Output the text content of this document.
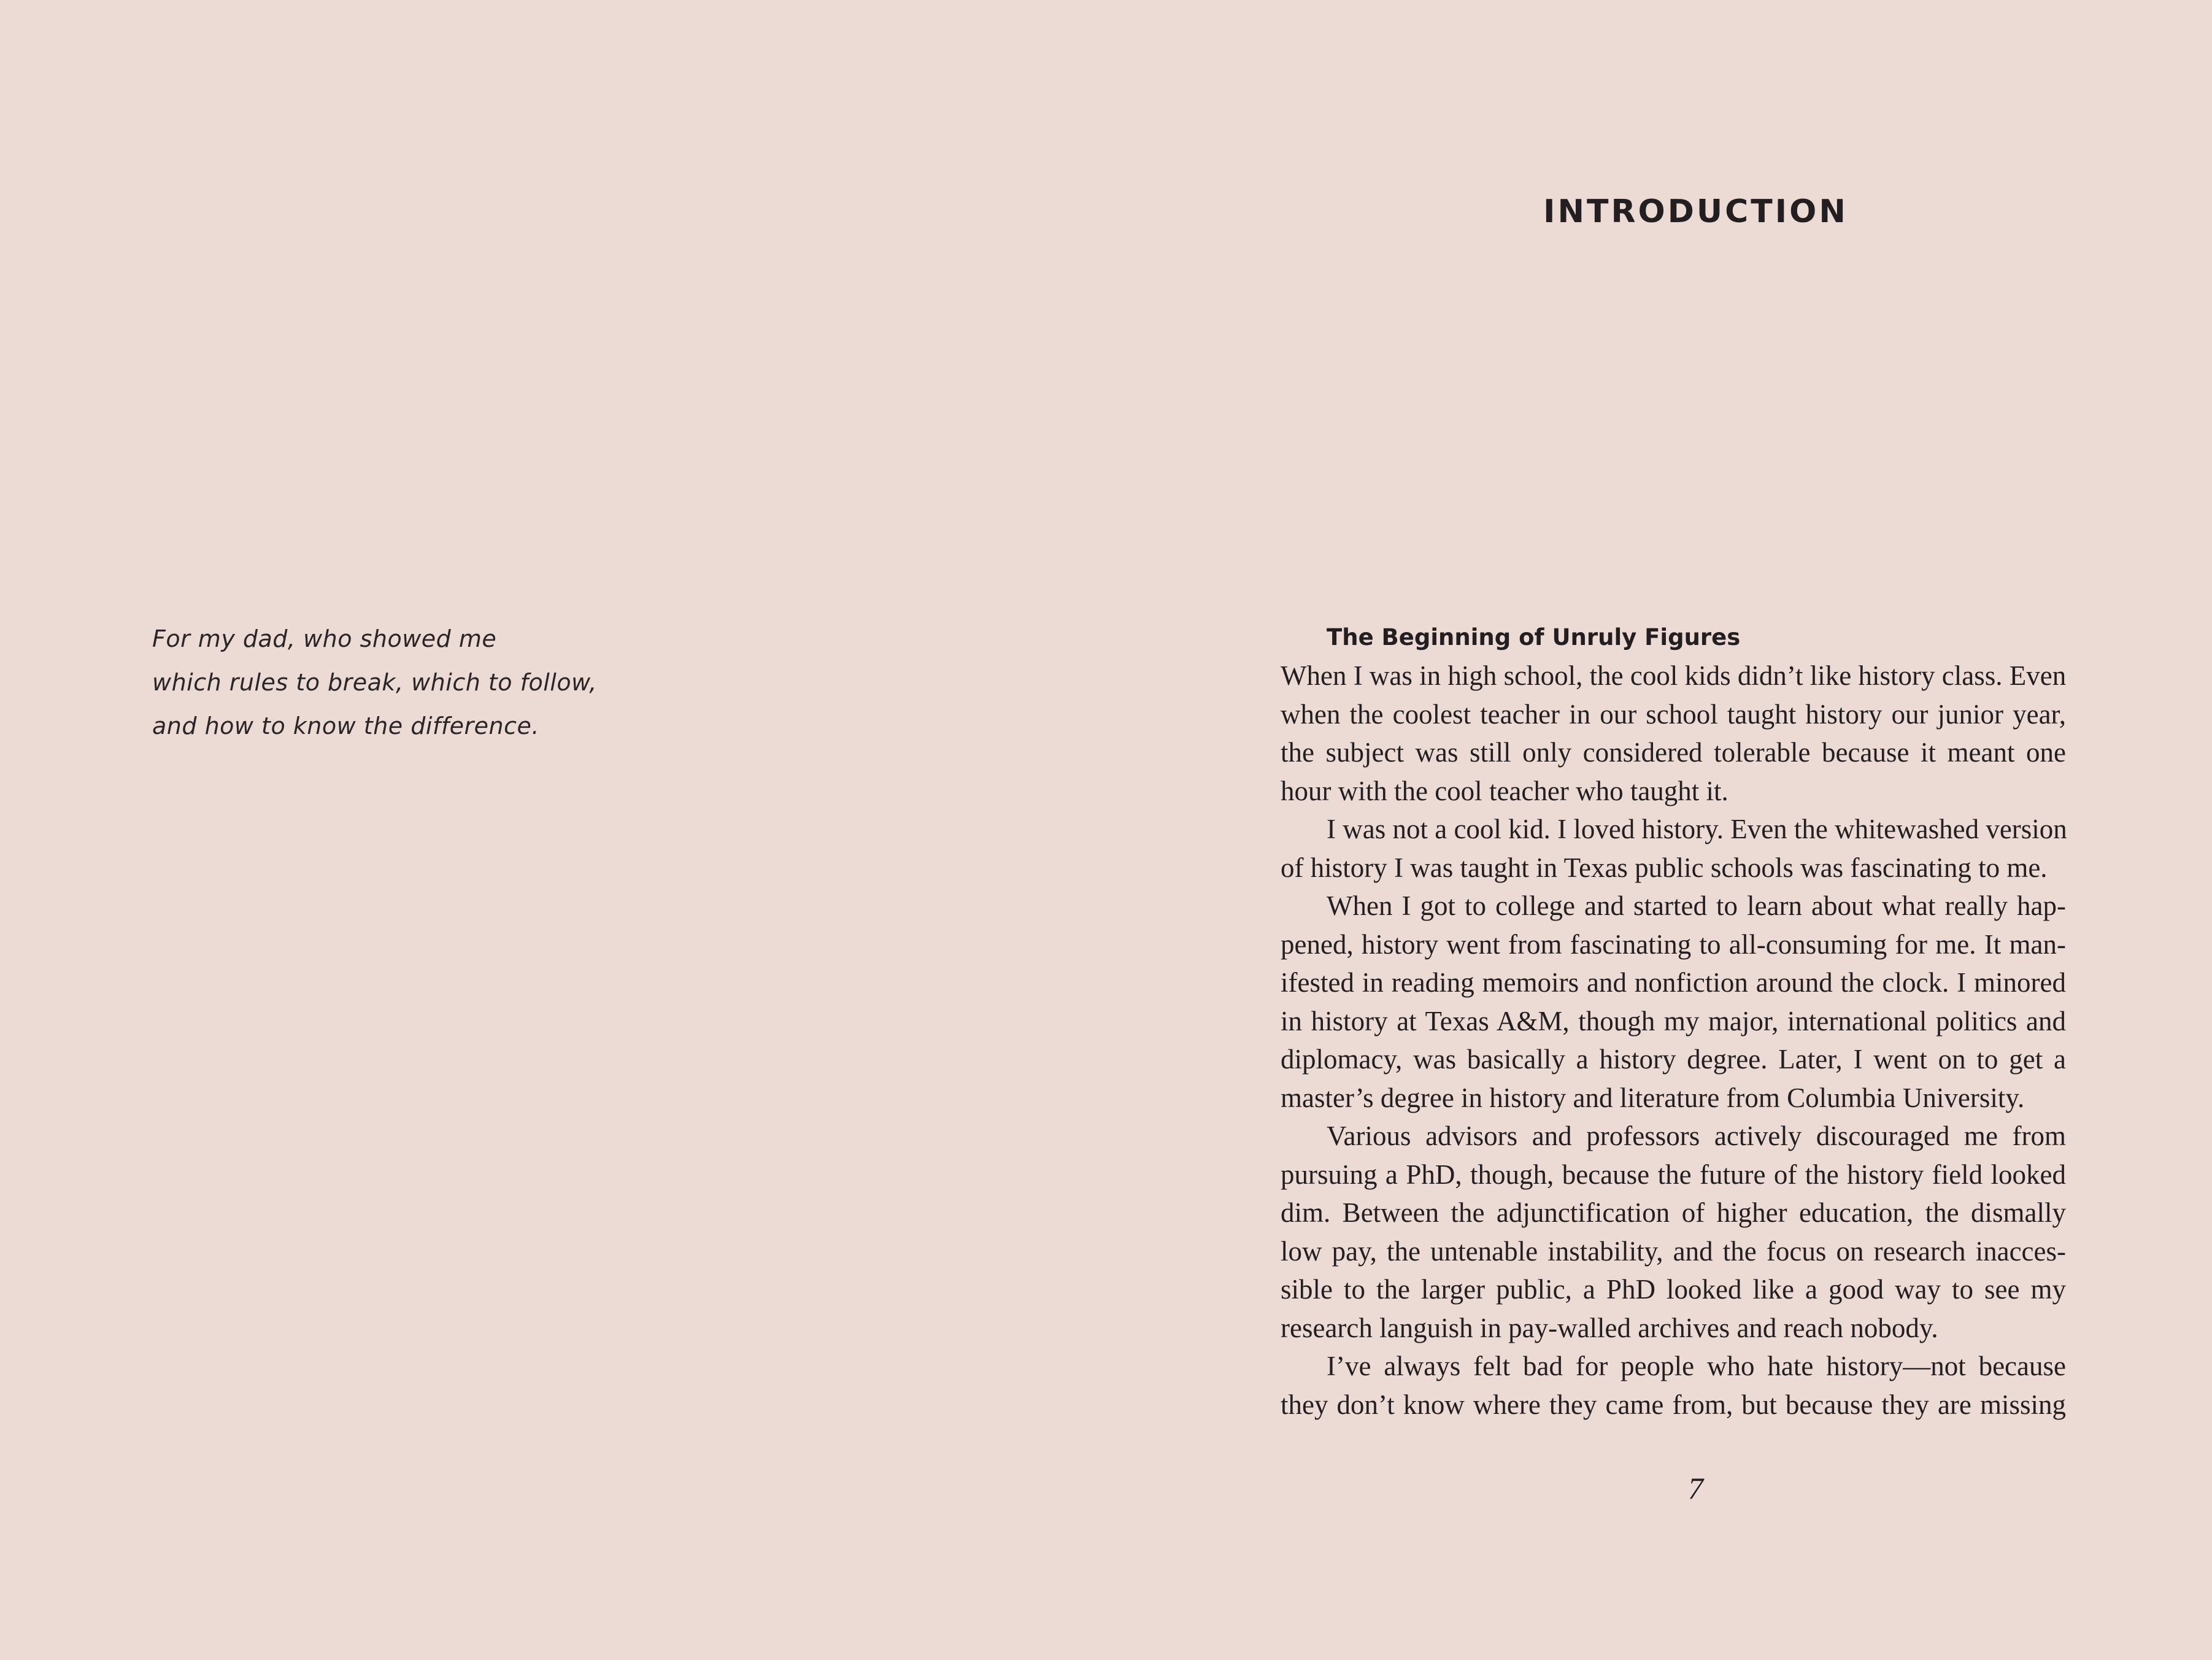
For my dad, who showed me
which rules to break, which to follow,
and how to know the difference.
INTRODUCTION
The Beginning of Unruly Figures
When I was in high school, the cool kids didn’t like history class. Even
when the coolest teacher in our school taught history our junior year,
the subject was still only considered tolerable because it meant one
hour with the cool teacher who taught it.
I was not a cool kid. I loved history. Even the whitewashed version
of history I was taught in Texas public schools was fascinating to me.
When I got to college and started to learn about what really hap-
pened, history went from fascinating to all-consuming for me. It man-
ifested in reading memoirs and nonfiction around the clock. I minored
in history at Texas A&M, though my major, international politics and
diplomacy, was basically a history degree. Later, I went on to get a
master’s degree in history and literature from Columbia University.
Various advisors and professors actively discouraged me from
pursuing a PhD, though, because the future of the history field looked
dim. Between the adjunctification of higher education, the dismally
low pay, the untenable instability, and the focus on research inacces-
sible to the larger public, a PhD looked like a good way to see my
research languish in pay-walled archives and reach nobody.
I’ve always felt bad for people who hate history—not because
they don’t know where they came from, but because they are missing
7
